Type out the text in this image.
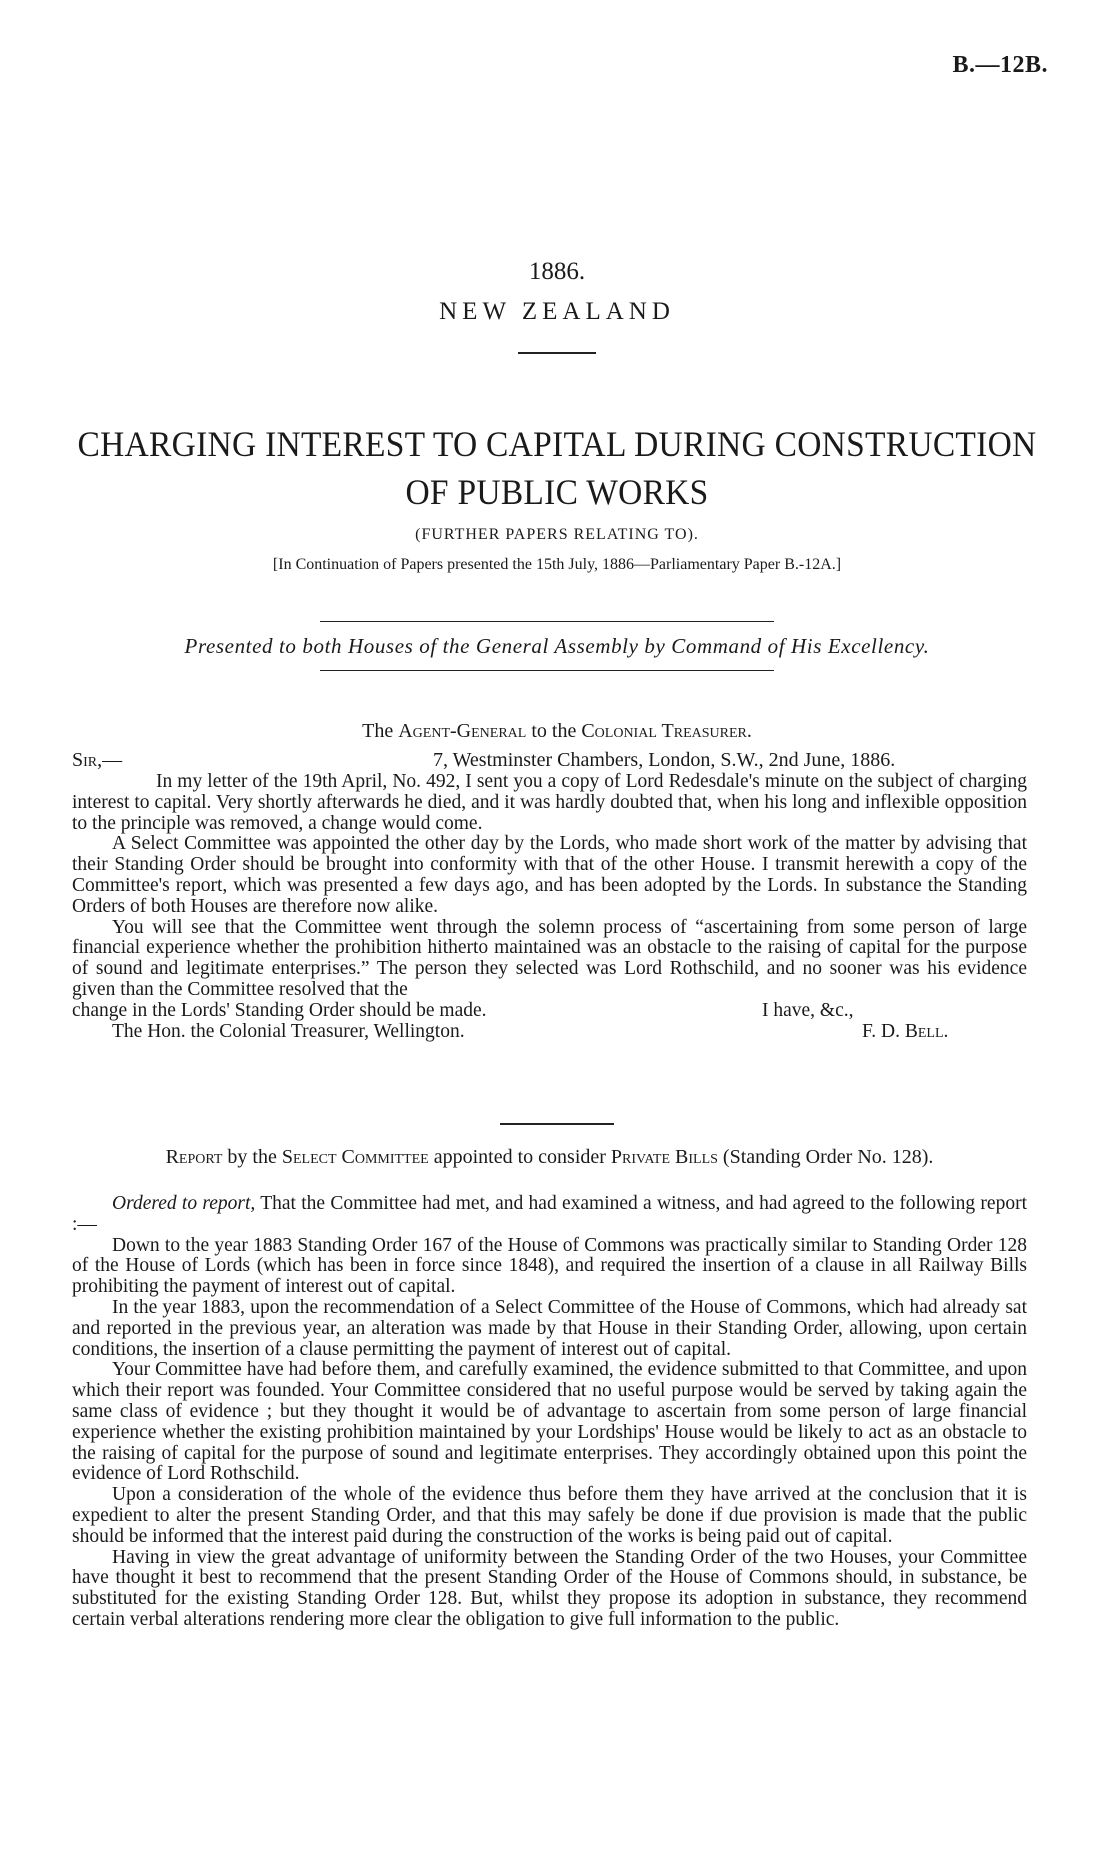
B.—12B.
1886.
NEW ZEALAND
CHARGING INTEREST TO CAPITAL DURING CONSTRUCTION
OF PUBLIC WORKS
(FURTHER PAPERS RELATING TO).
[In Continuation of Papers presented the 15th July, 1886—Parliamentary Paper B.-12A.]
Presented to both Houses of the General Assembly by Command of His Excellency.
The Agent-General to the Colonial Treasurer.
Sir,—	7, Westminster Chambers, London, S.W., 2nd June, 1886.

In my letter of the 19th April, No. 492, I sent you a copy of Lord Redesdale's minute on the subject of charging interest to capital. Very shortly afterwards he died, and it was hardly doubted that, when his long and inflexible opposition to the principle was removed, a change would come.

A Select Committee was appointed the other day by the Lords, who made short work of the matter by advising that their Standing Order should be brought into conformity with that of the other House. I transmit herewith a copy of the Committee's report, which was presented a few days ago, and has been adopted by the Lords. In substance the Standing Orders of both Houses are therefore now alike.

You will see that the Committee went through the solemn process of “ascertaining from some person of large financial experience whether the prohibition hitherto maintained was an obstacle to the raising of capital for the purpose of sound and legitimate enterprises.” The person they selected was Lord Rothschild, and no sooner was his evidence given than the Committee resolved that the

change in the Lords' Standing Order should be made.	I have, &c.,
The Hon. the Colonial Treasurer, Wellington.	F. D. Bell.
Report by the Select Committee appointed to consider Private Bills (Standing Order No. 128).

Ordered to report, That the Committee had met, and had examined a witness, and had agreed to the following report :—

Down to the year 1883 Standing Order 167 of the House of Commons was practically similar to Standing Order 128 of the House of Lords (which has been in force since 1848), and required the insertion of a clause in all Railway Bills prohibiting the payment of interest out of capital.

In the year 1883, upon the recommendation of a Select Committee of the House of Commons, which had already sat and reported in the previous year, an alteration was made by that House in their Standing Order, allowing, upon certain conditions, the insertion of a clause permitting the payment of interest out of capital.

Your Committee have had before them, and carefully examined, the evidence submitted to that Committee, and upon which their report was founded. Your Committee considered that no useful purpose would be served by taking again the same class of evidence ; but they thought it would be of advantage to ascertain from some person of large financial experience whether the existing prohibition maintained by your Lordships' House would be likely to act as an obstacle to the raising of capital for the purpose of sound and legitimate enterprises. They accordingly obtained upon this point the evidence of Lord Rothschild.

Upon a consideration of the whole of the evidence thus before them they have arrived at the conclusion that it is expedient to alter the present Standing Order, and that this may safely be done if due provision is made that the public should be informed that the interest paid during the construction of the works is being paid out of capital.

Having in view the great advantage of uniformity between the Standing Order of the two Houses, your Committee have thought it best to recommend that the present Standing Order of the House of Commons should, in substance, be substituted for the existing Standing Order 128. But, whilst they propose its adoption in substance, they recommend certain verbal alterations rendering more clear the obligation to give full information to the public.
